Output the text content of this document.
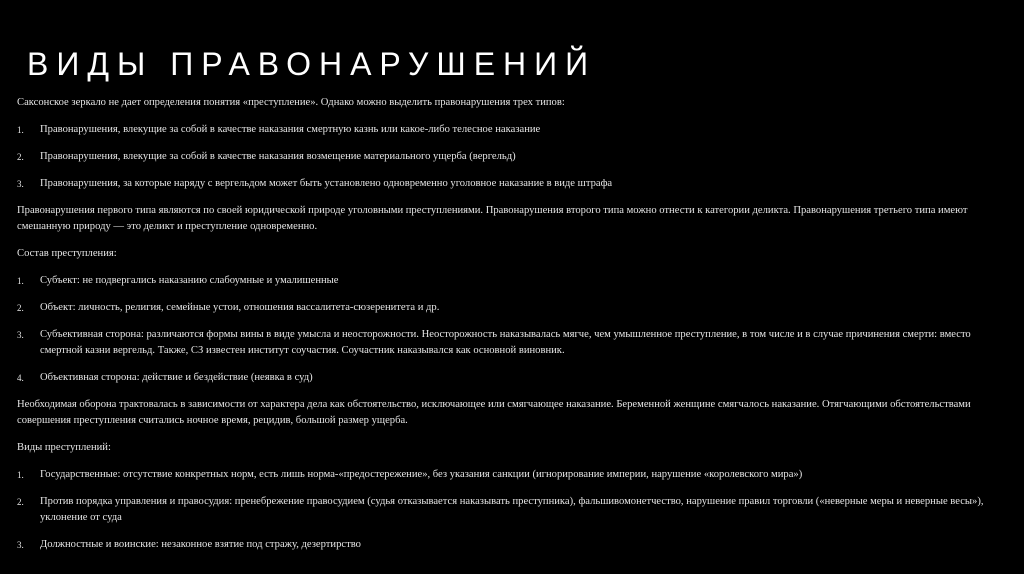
ВИДЫ ПРАВОНАРУШЕНИЙ

Саксонское зеркало не дает определения понятия «преступление». Однако можно выделить правонарушения трех типов:

1. Правонарушения, влекущие за собой в качестве наказания смертную казнь или какое-либо телесное наказание

2. Правонарушения, влекущие за собой в качестве наказания возмещение материального ущерба (вергельд)

3. Правонарушения, за которые наряду с вергельдом может быть установлено одновременно уголовное наказание в виде штрафа

Правонарушения первого типа являются по своей юридической природе уголовными преступлениями. Правонарушения второго типа можно отнести к категории деликта. Правонарушения третьего типа имеют смешанную природу — это деликт и преступление одновременно.

Состав преступления:

1. Субъект: не подвергались наказанию слабоумные и умалишенные

2. Объект: личность, религия, семейные устои, отношения вассалитета-сюзеренитета и др.

3. Субъективная сторона: различаются формы вины в виде умысла и неосторожности. Неосторожность наказывалась мягче, чем умышленное преступление, в том числе и в случае причинения смерти: вместо смертной казни вергельд. Также, СЗ известен институт соучастия. Соучастник наказывался как основной виновник.

4. Объективная сторона: действие и бездействие (неявка в суд)

Необходимая оборона трактовалась в зависимости от характера дела как обстоятельство, исключающее или смягчающее наказание. Беременной женщине смягчалось наказание. Отягчающими обстоятельствами совершения преступления считались ночное время, рецидив, большой размер ущерба.

Виды преступлений:

1. Государственные: отсутствие конкретных норм, есть лишь норма-«предостережение», без указания санкции (игнорирование империи, нарушение «королевского мира»)

2. Против порядка управления и правосудия: пренебрежение правосудием (судья отказывается наказывать преступника), фальшивомонетчество, нарушение правил торговли («неверные меры и неверные весы»), уклонение от суда

3. Должностные и воинские: незаконное взятие под стражу, дезертирство
